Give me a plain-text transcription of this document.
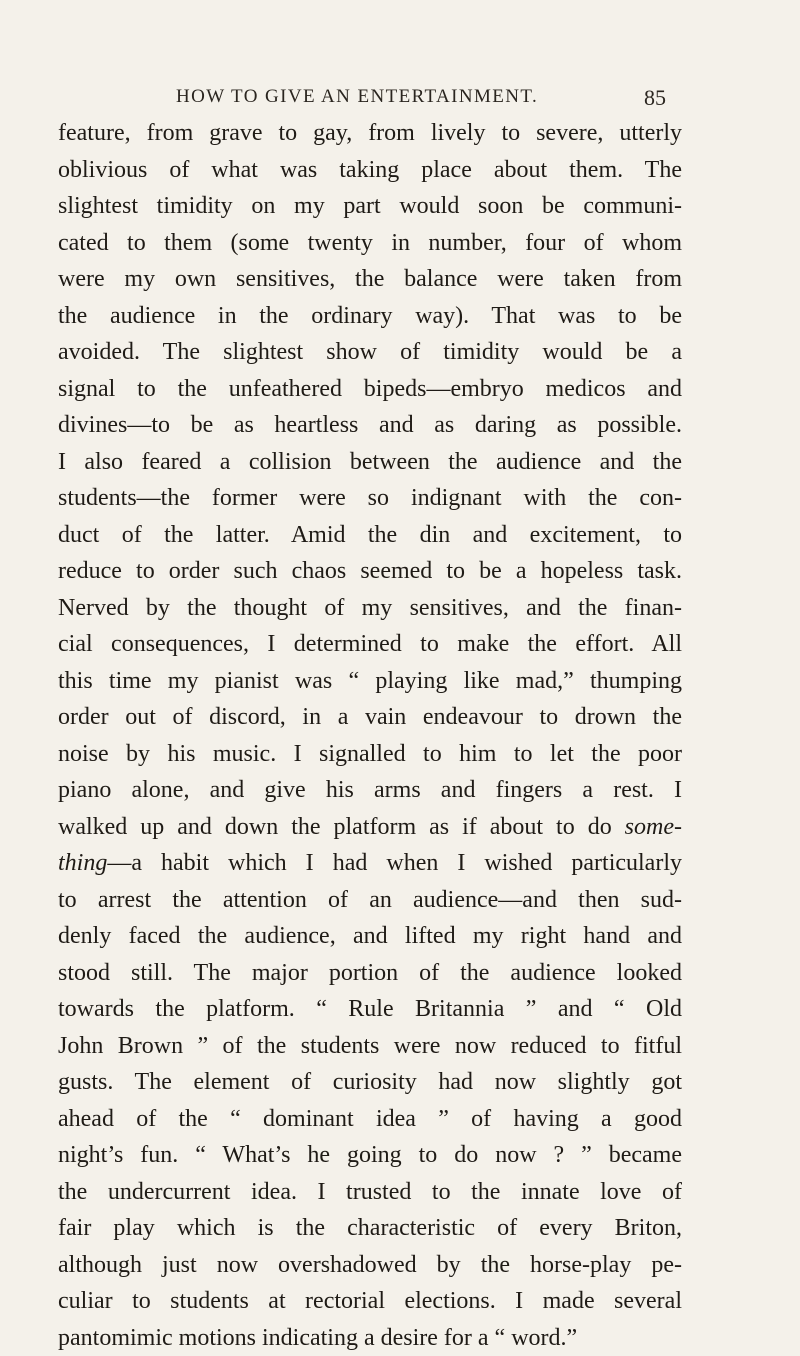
HOW TO GIVE AN ENTERTAINMENT.	85
feature, from grave to gay, from lively to severe, utterly
oblivious of what was taking place about them. The
slightest timidity on my part would soon be communi-
cated to them (some twenty in number, four of whom
were my own sensitives, the balance were taken from
the audience in the ordinary way). That was to be
avoided. The slightest show of timidity would be a
signal to the unfeathered bipeds—embryo medicos and
divines—to be as heartless and as daring as possible.
I also feared a collision between the audience and the
students—the former were so indignant with the con-
duct of the latter. Amid the din and excitement, to
reduce to order such chaos seemed to be a hopeless task.
Nerved by the thought of my sensitives, and the finan-
cial consequences, I determined to make the effort. All
this time my pianist was “ playing like mad,” thumping
order out of discord, in a vain endeavour to drown the
noise by his music. I signalled to him to let the poor
piano alone, and give his arms and fingers a rest. I
walked up and down the platform as if about to do some-
thing—a habit which I had when I wished particularly
to arrest the attention of an audience—and then sud-
denly faced the audience, and lifted my right hand and
stood still. The major portion of the audience looked
towards the platform. “ Rule Britannia ” and “ Old
John Brown ” of the students were now reduced to fitful
gusts. The element of curiosity had now slightly got
ahead of the “ dominant idea ” of having a good
night’s fun. “ What’s he going to do now ? ” became
the undercurrent idea. I trusted to the innate love of
fair play which is the characteristic of every Briton,
although just now overshadowed by the horse-play pe-
culiar to students at rectorial elections. I made several
pantomimic motions indicating a desire for a “ word.”
